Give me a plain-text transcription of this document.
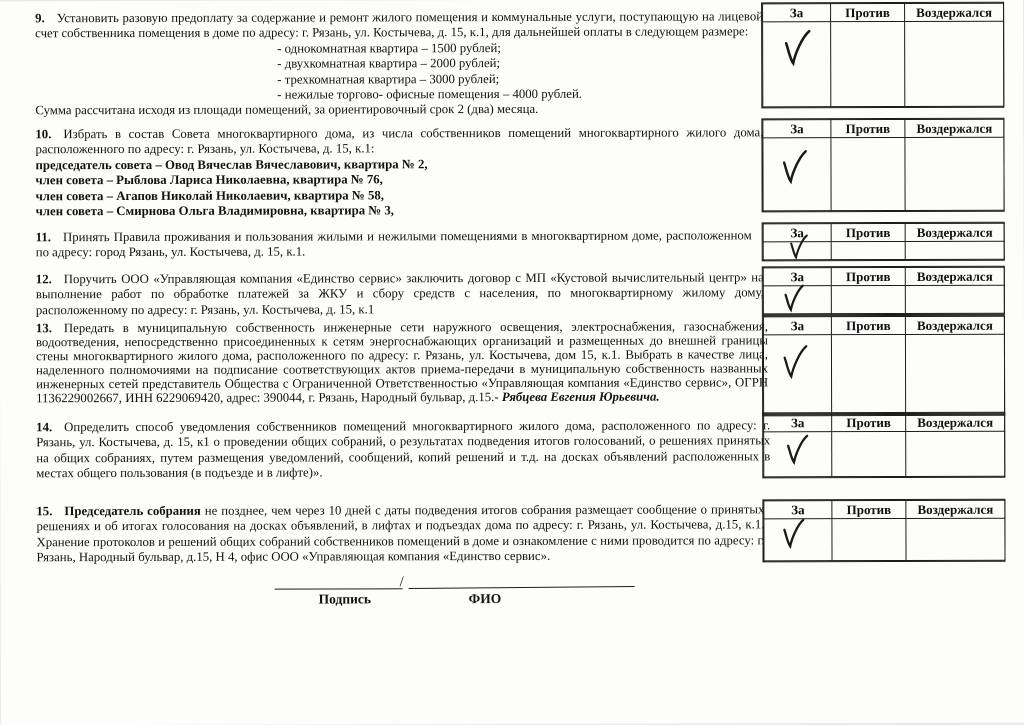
9. Установить разовую предоплату за содержание и ремонт жилого помещения и коммунальные услуги, поступающую на лицевой счет собственника помещения в доме по адресу: г. Рязань, ул. Костычева, д. 15, к.1, для дальнейшей оплаты в следующем размере:

- однокомнатная квартира – 1500 рублей;
- двухкомнатная квартира – 2000 рублей;
- трехкомнатная квартира – 3000 рублей;
- нежилые торгово- офисные помещения – 4000 рублей.

Сумма рассчитана исходя из площади помещений, за ориентировочный срок 2 (два) месяца.

10. Избрать в состав Совета многоквартирного дома, из числа собственников помещений многоквартирного жилого дома, расположенного по адресу: г. Рязань, ул. Костычева, д. 15, к.1:

председатель совета – Овод Вячеслав Вячеславович, квартира № 2,
член совета – Рыблова Лариса Николаевна, квартира № 76,
член совета – Агапов Николай Николаевич, квартира № 58,
член совета – Смирнова Ольга Владимировна, квартира № 3,

11. Принять Правила проживания и пользования жилыми и нежилыми помещениями в многоквартирном доме, расположенном по адресу: город Рязань, ул. Костычева, д. 15, к.1.

12. Поручить ООО «Управляющая компания «Единство сервис» заключить договор с МП «Кустовой вычислительный центр» на выполнение работ по обработке платежей за ЖКУ и сбору средств с населения, по многоквартирному жилому дому, расположенному по адресу: г. Рязань, ул. Костычева, д. 15, к.1

13. Передать в муниципальную собственность инженерные сети наружного освещения, электроснабжения, газоснабжения, водоотведения, непосредственно присоединенных к сетям энергоснабжающих организаций и размещенных до внешней границы стены многоквартирного жилого дома, расположенного по адресу: г. Рязань, ул. Костычева, дом 15, к.1. Выбрать в качестве лица, наделенного полномочиями на подписание соответствующих актов приема-передачи в муниципальную собственность названных инженерных сетей представитель Общества с Ограниченной Ответственностью «Управляющая компания «Единство сервис», ОГРН 1136229002667, ИНН 6229069420, адрес: 390044, г. Рязань, Народный бульвар, д.15.- Рябцева Евгения Юрьевича.

14. Определить способ уведомления собственников помещений многоквартирного жилого дома, расположенного по адресу: г. Рязань, ул. Костычева, д. 15, к1 о проведении общих собраний, о результатах подведения итогов голосований, о решениях принятых на общих собраниях, путем размещения уведомлений, сообщений, копий решений и т.д. на досках объявлений расположенных в местах общего пользования (в подъезде и в лифте)».

15. Председатель собрания не позднее, чем через 10 дней с даты подведения итогов собрания размещает сообщение о принятых решениях и об итогах голосования на досках объявлений, в лифтах и подъездах дома по адресу: г. Рязань, ул. Костычева, д.15, к.1. Хранение протоколов и решений общих собраний собственников помещений в доме и ознакомление с ними проводится по адресу: г. Рязань, Народный бульвар, д.15, Н 4, офис ООО «Управляющая компания «Единство сервис».

За	Против	Воздержался

За	Против	Воздержался

За	Против	Воздержался

За	Против	Воздержался

За	Против	Воздержался

За	Против	Воздержался

За	Против	Воздержался

/
Подпись	ФИО
